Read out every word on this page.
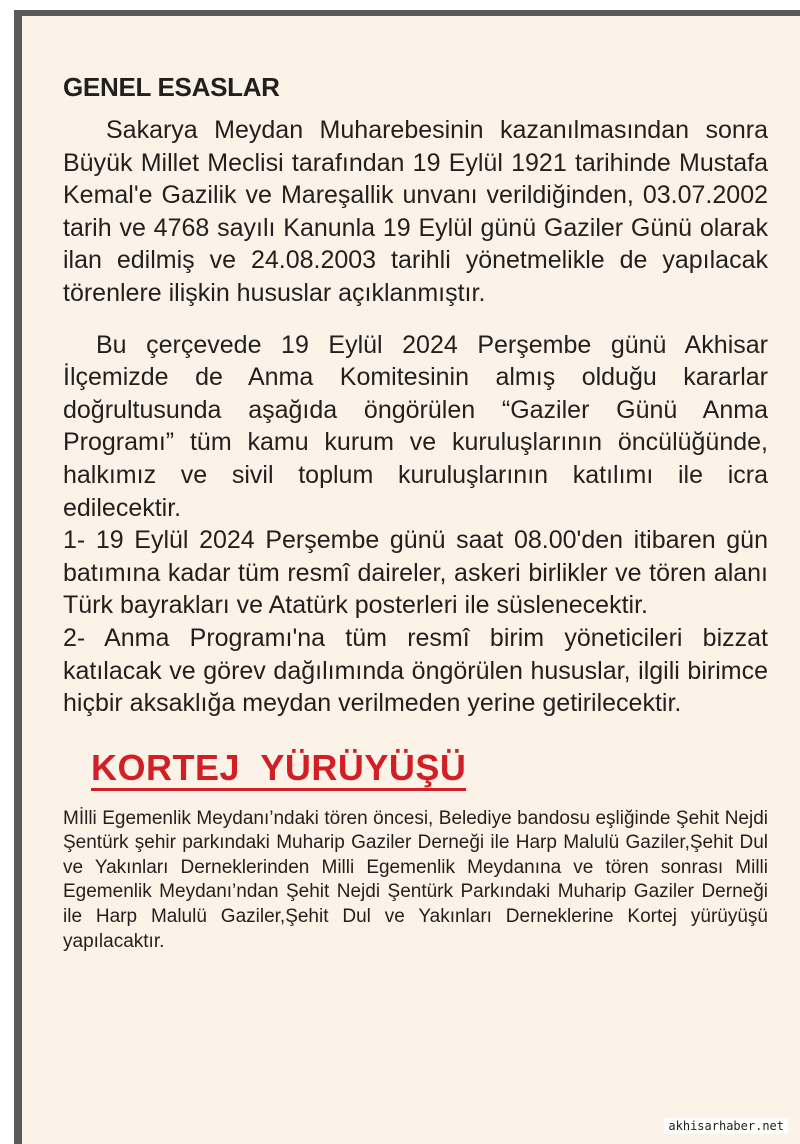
GENEL ESASLAR

Sakarya Meydan Muharebesinin kazanılmasından sonra Büyük Millet Meclisi tarafından 19 Eylül 1921 tarihinde Mustafa Kemal'e Gazilik ve Mareşallik unvanı verildiğinden, 03.07.2002 tarih ve 4768 sayılı Kanunla 19 Eylül günü Gaziler Günü olarak ilan edilmiş ve 24.08.2003 tarihli yönetmelikle de yapılacak törenlere ilişkin hususlar açıklanmıştır.

Bu çerçevede 19 Eylül 2024 Perşembe günü Akhisar İlçemizde de Anma Komitesinin almış olduğu kararlar doğrultusunda aşağıda öngörülen “Gaziler Günü Anma Programı” tüm kamu kurum ve kuruluşlarının öncülüğünde, halkımız ve sivil toplum kuruluşlarının katılımı ile icra edilecektir.

1- 19 Eylül 2024 Perşembe günü saat 08.00'den itibaren gün batımına kadar tüm resmî daireler, askeri birlikler ve tören alanı Türk bayrakları ve Atatürk posterleri ile süslenecektir.

2- Anma Programı'na tüm resmî birim yöneticileri bizzat katılacak ve görev dağılımında öngörülen hususlar, ilgili birimce hiçbir aksaklığa meydan verilmeden yerine getirilecektir.

KORTEJ  YÜRÜYÜŞÜ

Mİlli Egemenlik Meydanı’ndaki tören öncesi, Belediye bandosu eşliğinde Şehit Nejdi Şentürk şehir parkındaki Muharip Gaziler Derneği ile Harp Malulü Gaziler,Şehit Dul ve Yakınları Derneklerinden Milli Egemenlik Meydanına ve tören sonrası Milli Egemenlik Meydanı’ndan Şehit Nejdi Şentürk Parkındaki Muharip Gaziler Derneği ile Harp Malulü Gaziler,Şehit Dul ve Yakınları Derneklerine Kortej yürüyüşü yapılacaktır.

akhisarhaber.net
